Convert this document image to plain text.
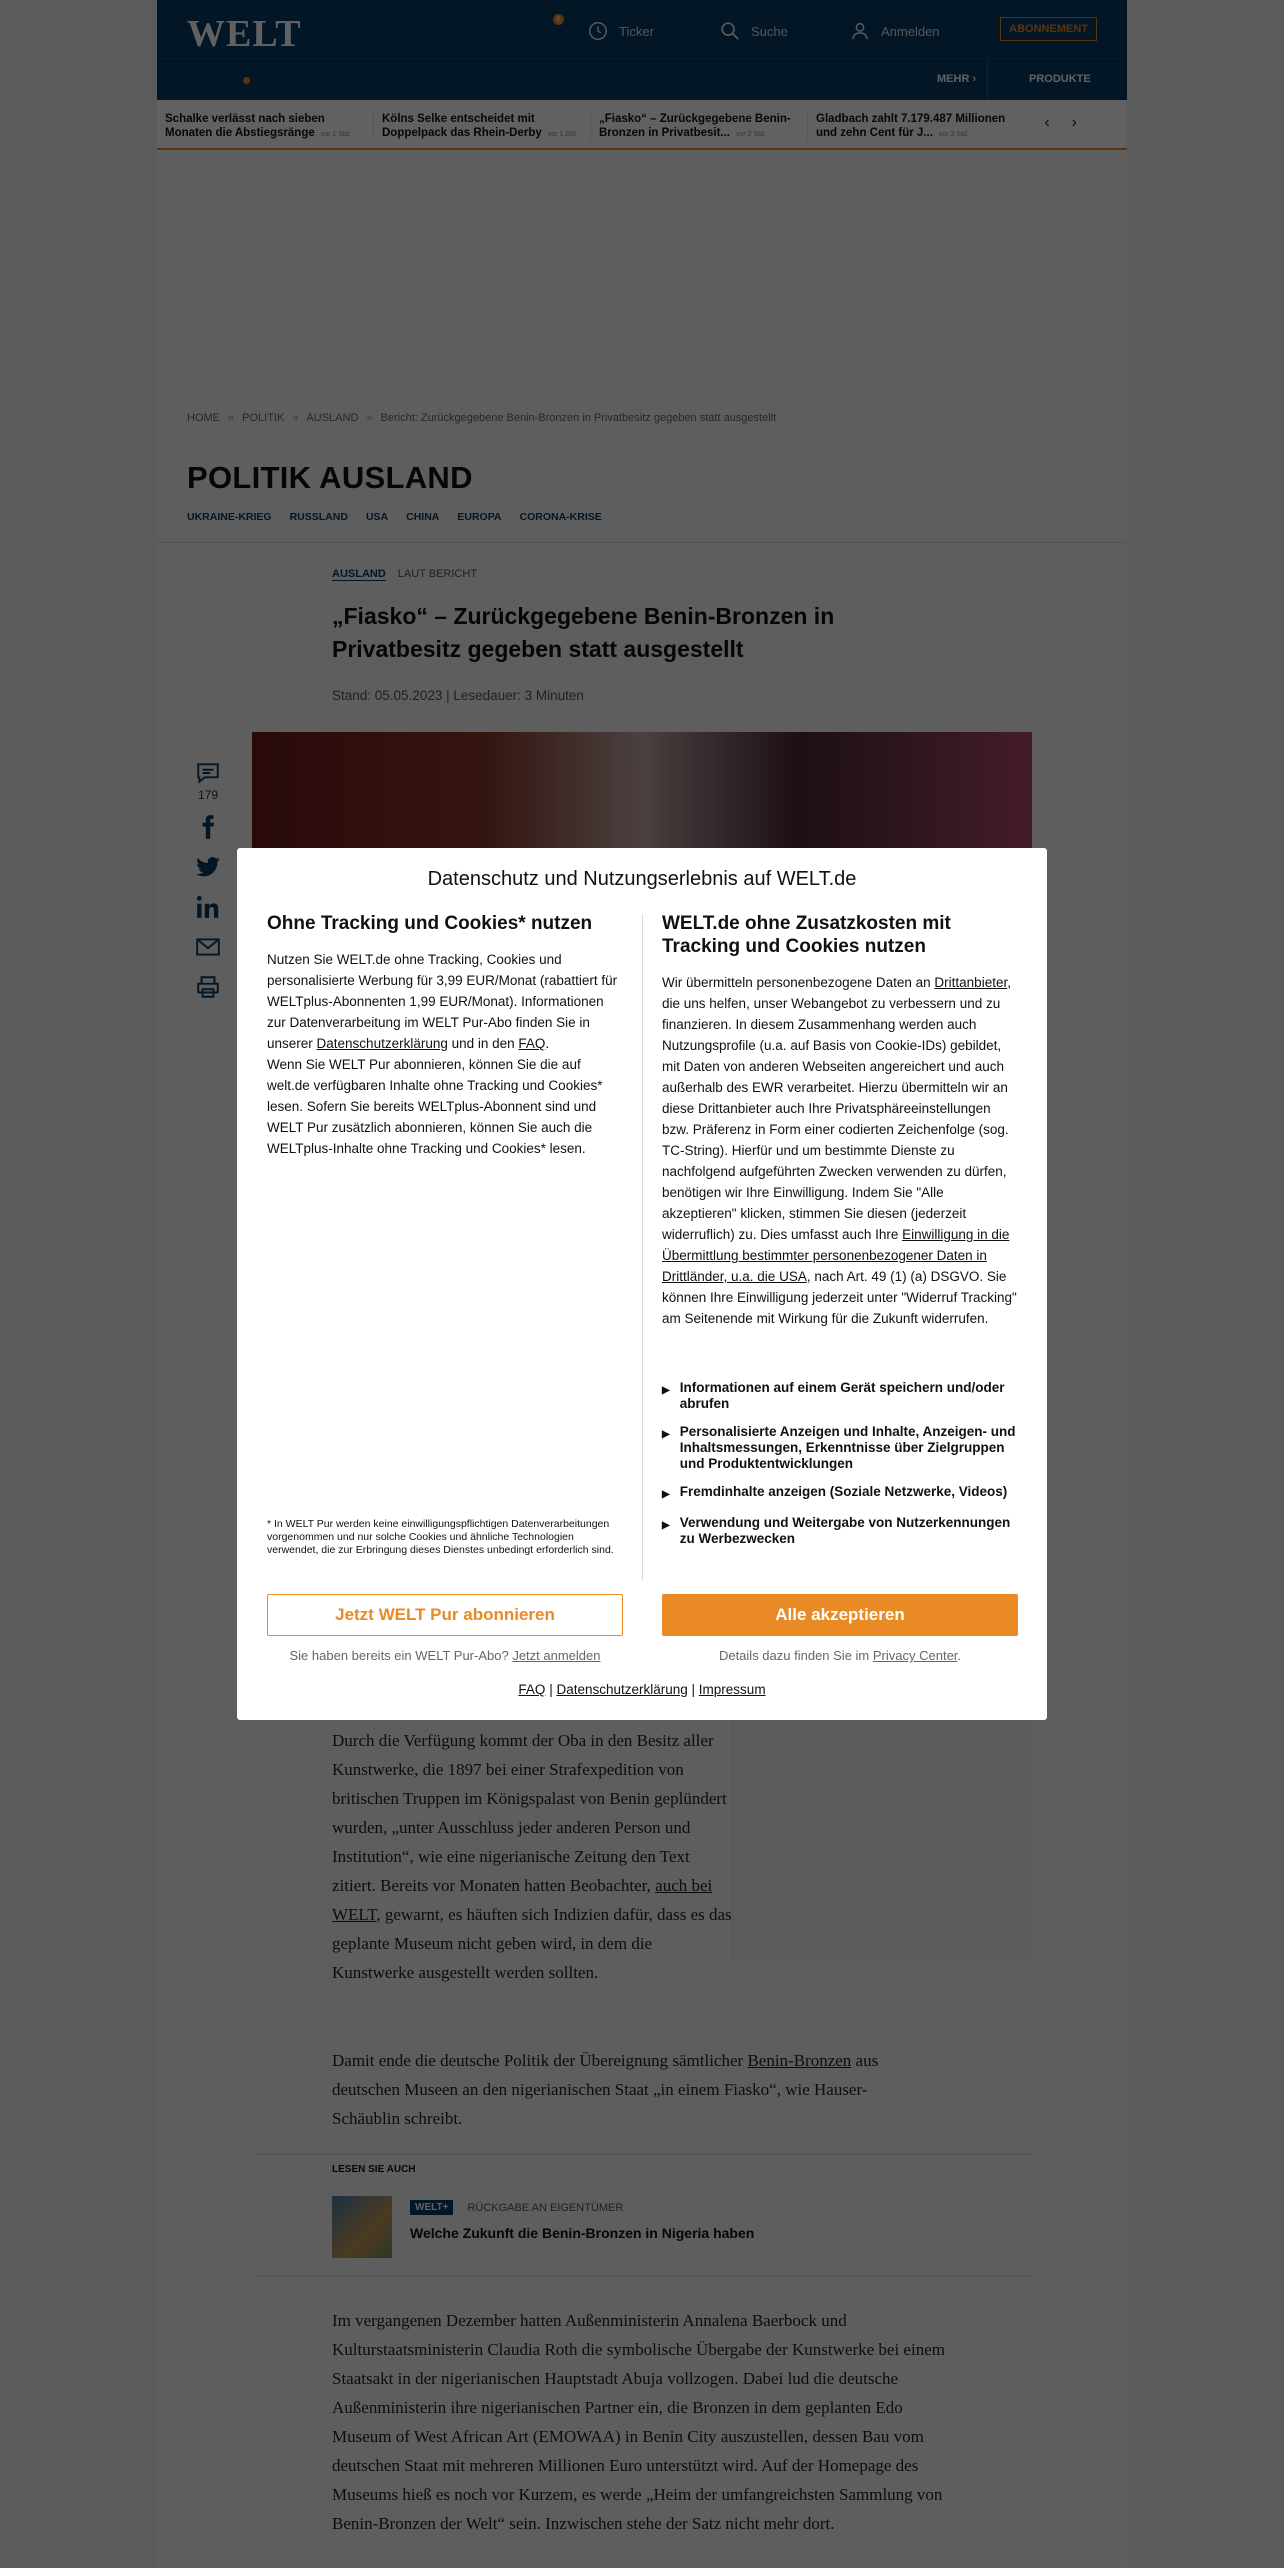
Datenschutz und Nutzungserlebnis auf WELT.de
Ohne Tracking und Cookies* nutzen

Nutzen Sie WELT.de ohne Tracking, Cookies und personalisierte Werbung für 3,99 EUR/Monat (rabattiert für WELTplus-Abonnenten 1,99 EUR/Monat). Informationen zur Datenverarbeitung im WELT Pur-Abo finden Sie in unserer Datenschutzerklärung und in den FAQ.

Wenn Sie WELT Pur abonnieren, können Sie die auf welt.de verfügbaren Inhalte ohne Tracking und Cookies* lesen. Sofern Sie bereits WELTplus-Abonnent sind und WELT Pur zusätzlich abonnieren, können Sie auch die WELTplus-Inhalte ohne Tracking und Cookies* lesen.

* In WELT Pur werden keine einwilligungspflichtigen Datenverarbeitungen vorgenommen und nur solche Cookies und ähnliche Technologien verwendet, die zur Erbringung dieses Dienstes unbedingt erforderlich sind.
WELT.de ohne Zusatzkosten mit Tracking und Cookies nutzen

Wir übermitteln personenbezogene Daten an Drittanbieter, die uns helfen, unser Webangebot zu verbessern und zu finanzieren. In diesem Zusammenhang werden auch Nutzungsprofile (u.a. auf Basis von Cookie-IDs) gebildet, mit Daten von anderen Webseiten angereichert und auch außerhalb des EWR verarbeitet. Hierzu übermitteln wir an diese Drittanbieter auch Ihre Privatsphäreeinstellungen bzw. Präferenz in Form einer codierten Zeichenfolge (sog. TC-String). Hierfür und um bestimmte Dienste zu nachfolgend aufgeführten Zwecken verwenden zu dürfen, benötigen wir Ihre Einwilligung. Indem Sie "Alle akzeptieren" klicken, stimmen Sie diesen (jederzeit widerruflich) zu. Dies umfasst auch Ihre Einwilligung in die Übermittlung bestimmter personenbezogener Daten in Drittländer, u.a. die USA, nach Art. 49 (1) (a) DSGVO. Sie können Ihre Einwilligung jederzeit unter "Widerruf Tracking" am Seitenende mit Wirkung für die Zukunft widerrufen.

▶ Informationen auf einem Gerät speichern und/oder abrufen
▶ Personalisierte Anzeigen und Inhalte, Anzeigen- und Inhaltsmessungen, Erkenntnisse über Zielgruppen und Produktentwicklungen
▶ Fremdinhalte anzeigen (Soziale Netzwerke, Videos)
▶ Verwendung und Weitergabe von Nutzerkennungen zu Werbezwecken
Jetzt WELT Pur abonnieren	Alle akzeptieren
Sie haben bereits ein WELT Pur-Abo? Jetzt anmelden	Details dazu finden Sie im Privacy Center.
FAQ | Datenschutzerklärung | Impressum
